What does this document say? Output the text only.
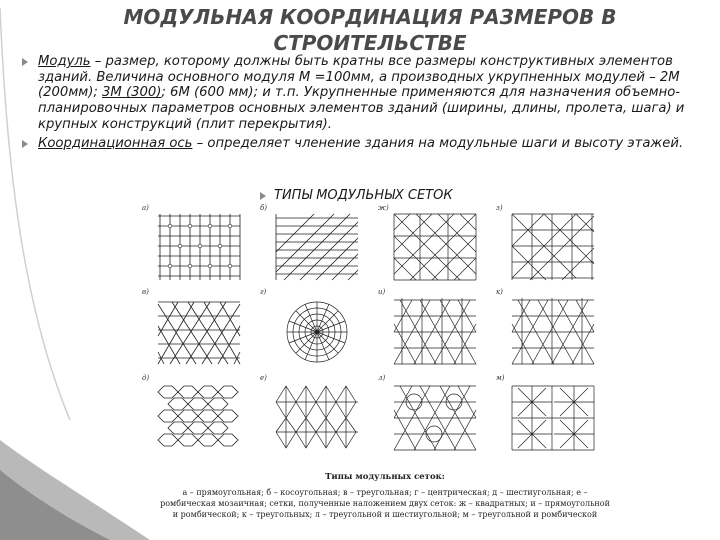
МОДУЛЬНАЯ КООРДИНАЦИЯ РАЗМЕРОВ В СТРОИТЕЛЬСТВЕ
Модуль – размер, которому должны быть кратны все размеры конструктивных элементов зданий. Величина основного модуля М =100мм, а производных укрупненных модулей – 2М (200мм); 3М (300); 6М (600 мм); и т.п. Укрупненные применяются для назначения объемно-планировочных параметров основных элементов зданий (ширины, длины, пролета, шага) и крупных конструкций (плит перекрытия).
Координационная ось – определяет членение здания на модульные шаги и высоту этажей.
ТИПЫ МОДУЛЬНЫХ СЕТОК
а)	б)	ж)	з)
в)	г)	и)	к)
д)	е)	л)	м)
Типы модульных сеток:
а – прямоугольная; б – косоугольная; в – треугольная; г – центрическая; д – шестиугольная; е – ромбическая мозаичная; сетки, полученные наложением двух сеток: ж – квадратных; и – прямоугольной и ромбической; к – треугольных; л – треугольной и шестиугольной; м – треугольной и ромбической
